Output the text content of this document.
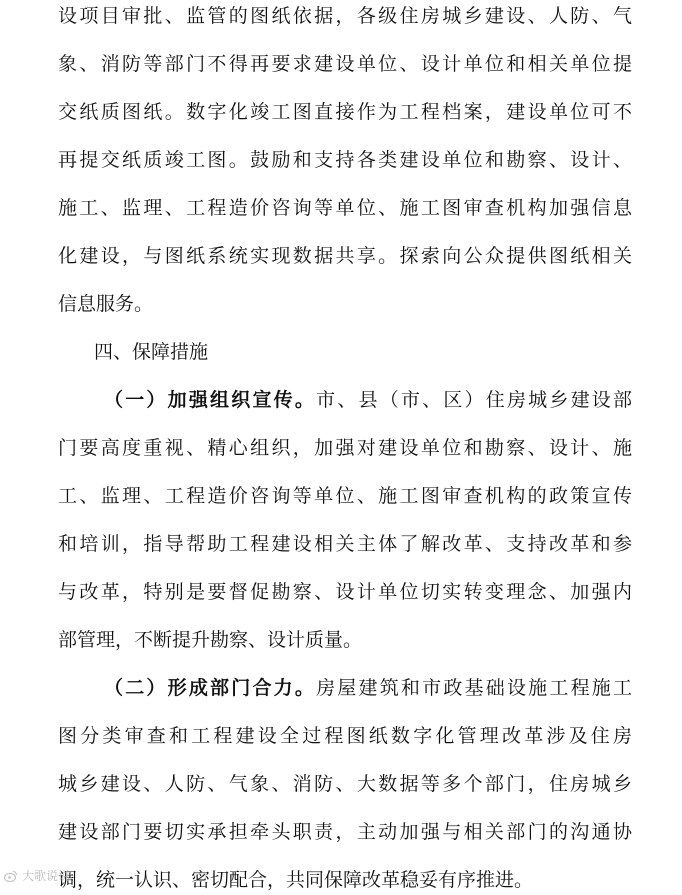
设项目审批、监管的图纸依据，各级住房城乡建设、人防、气
象、消防等部门不得再要求建设单位、设计单位和相关单位提
交纸质图纸。数字化竣工图直接作为工程档案，建设单位可不
再提交纸质竣工图。鼓励和支持各类建设单位和勘察、设计、
施工、监理、工程造价咨询等单位、施工图审查机构加强信息
化建设，与图纸系统实现数据共享。探索向公众提供图纸相关
信息服务。
四、保障措施
（一）加强组织宣传。市、县（市、区）住房城乡建设部
门要高度重视、精心组织，加强对建设单位和勘察、设计、施
工、监理、工程造价咨询等单位、施工图审查机构的政策宣传
和培训，指导帮助工程建设相关主体了解改革、支持改革和参
与改革，特别是要督促勘察、设计单位切实转变理念、加强内
部管理，不断提升勘察、设计质量。
（二）形成部门合力。房屋建筑和市政基础设施工程施工
图分类审查和工程建设全过程图纸数字化管理改革涉及住房
城乡建设、人防、气象、消防、大数据等多个部门，住房城乡
建设部门要切实承担牵头职责，主动加强与相关部门的沟通协
调，统一认识、密切配合，共同保障改革稳妥有序推进。
大歌说说
